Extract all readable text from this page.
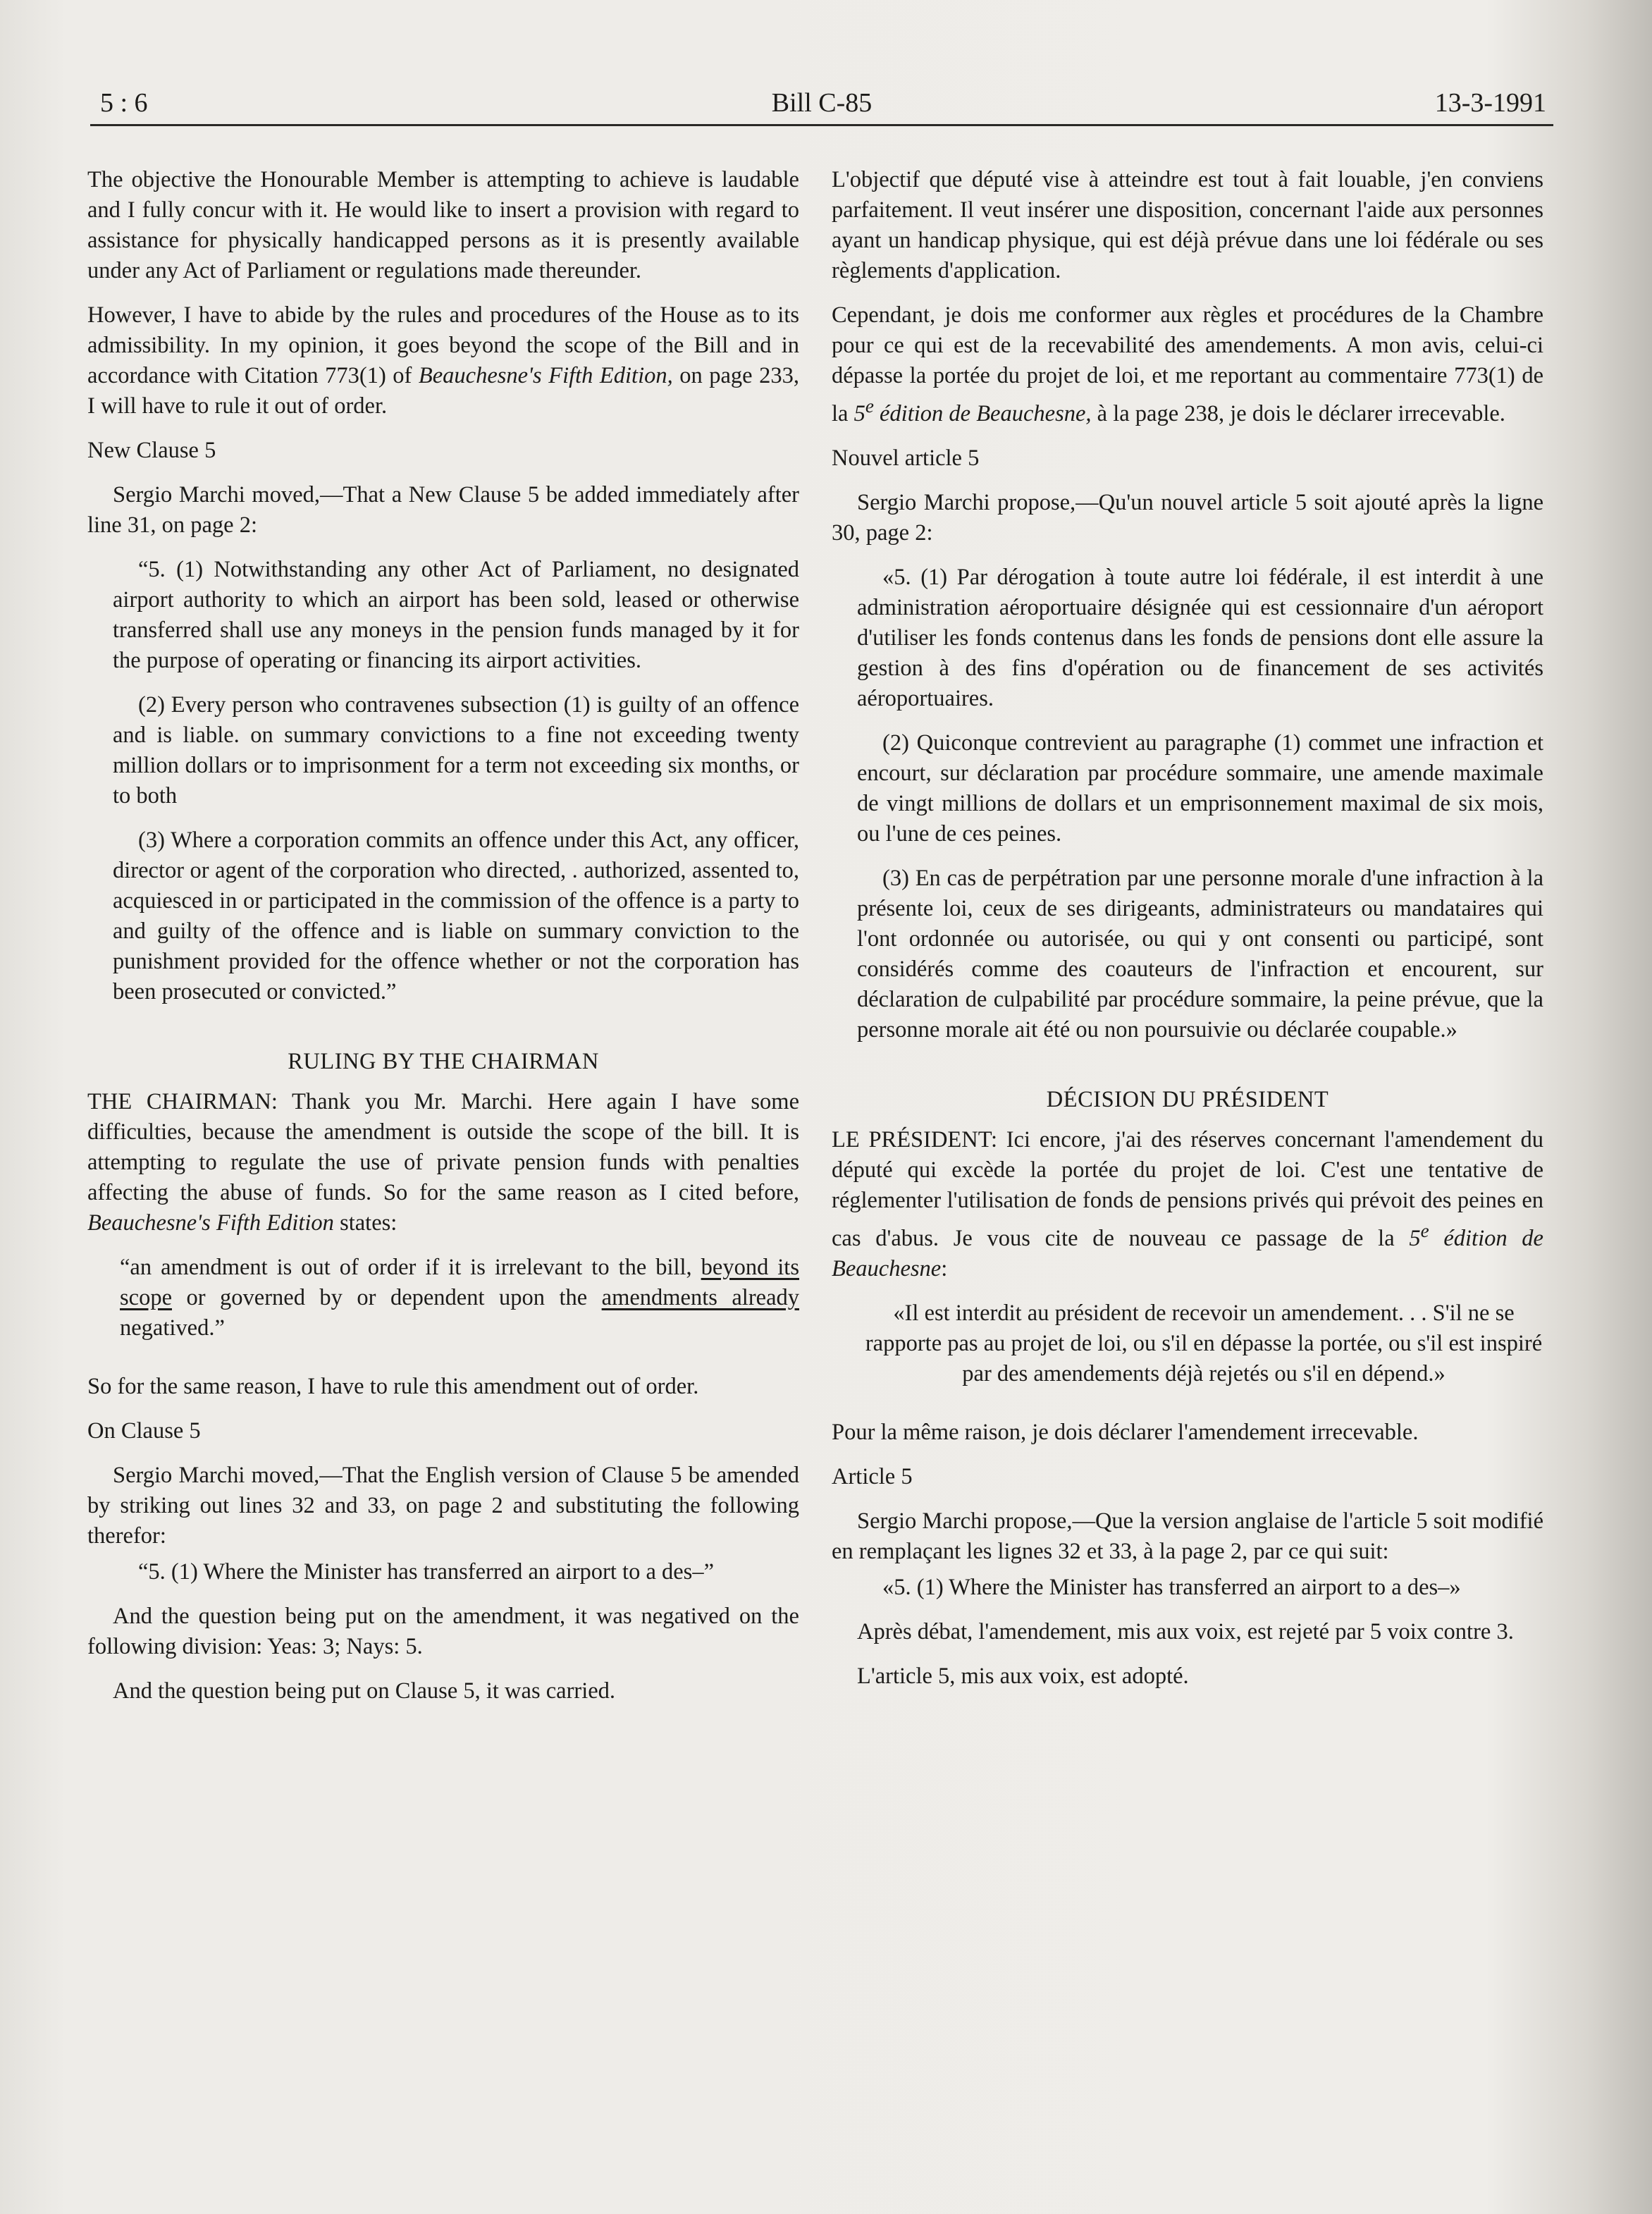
5 : 6	Bill C-85	13-3-1991

The objective the Honourable Member is attempting to achieve is laudable and I fully concur with it. He would like to insert a provision with regard to assistance for physically handicapped persons as it is presently available under any Act of Parliament or regulations made thereunder.

However, I have to abide by the rules and procedures of the House as to its admissibility. In my opinion, it goes beyond the scope of the Bill and in accordance with Citation 773(1) of Beauchesne's Fifth Edition, on page 233, I will have to rule it out of order.

New Clause 5

Sergio Marchi moved,—That a New Clause 5 be added immediately after line 31, on page 2:

“5. (1) Notwithstanding any other Act of Parliament, no designated airport authority to which an airport has been sold, leased or otherwise transferred shall use any moneys in the pension funds managed by it for the purpose of operating or financing its airport activities.

(2) Every person who contravenes subsection (1) is guilty of an offence and is liable. on summary convictions to a fine not exceeding twenty million dollars or to imprisonment for a term not exceeding six months, or to both

(3) Where a corporation commits an offence under this Act, any officer, director or agent of the corporation who directed, . authorized, assented to, acquiesced in or participated in the commission of the offence is a party to and guilty of the offence and is liable on summary conviction to the punishment provided for the offence whether or not the corporation has been prosecuted or convicted.”

RULING BY THE CHAIRMAN

THE CHAIRMAN: Thank you Mr. Marchi. Here again I have some difficulties, because the amendment is outside the scope of the bill. It is attempting to regulate the use of private pension funds with penalties affecting the abuse of funds. So for the same reason as I cited before, Beauchesne's Fifth Edition states:

“an amendment is out of order if it is irrelevant to the bill, beyond its scope or governed by or dependent upon the amendments already negatived.”

So for the same reason, I have to rule this amendment out of order.

On Clause 5

Sergio Marchi moved,—That the English version of Clause 5 be amended by striking out lines 32 and 33, on page 2 and substituting the following therefor:

“5. (1) Where the Minister has transferred an airport to a des–”

And the question being put on the amendment, it was negatived on the following division: Yeas: 3; Nays: 5.

And the question being put on Clause 5, it was carried.

L'objectif que député vise à atteindre est tout à fait louable, j'en conviens parfaitement. Il veut insérer une disposition, concernant l'aide aux personnes ayant un handicap physique, qui est déjà prévue dans une loi fédérale ou ses règlements d'application.

Cependant, je dois me conformer aux règles et procédures de la Chambre pour ce qui est de la recevabilité des amendements. A mon avis, celui-ci dépasse la portée du projet de loi, et me reportant au commentaire 773(1) de la 5e édition de Beauchesne, à la page 238, je dois le déclarer irrecevable.

Nouvel article 5

Sergio Marchi propose,—Qu'un nouvel article 5 soit ajouté après la ligne 30, page 2:

«5. (1) Par dérogation à toute autre loi fédérale, il est interdit à une administration aéroportuaire désignée qui est cessionnaire d'un aéroport d'utiliser les fonds contenus dans les fonds de pensions dont elle assure la gestion à des fins d'opération ou de financement de ses activités aéroportuaires.

(2) Quiconque contrevient au paragraphe (1) commet une infraction et encourt, sur déclaration par procédure sommaire, une amende maximale de vingt millions de dollars et un emprisonnement maximal de six mois, ou l'une de ces peines.

(3) En cas de perpétration par une personne morale d'une infraction à la présente loi, ceux de ses dirigeants, administrateurs ou mandataires qui l'ont ordonnée ou autorisée, ou qui y ont consenti ou participé, sont considérés comme des coauteurs de l'infraction et encourent, sur déclaration de culpabilité par procédure sommaire, la peine prévue, que la personne morale ait été ou non poursuivie ou déclarée coupable.»

DÉCISION DU PRÉSIDENT

LE PRÉSIDENT: Ici encore, j'ai des réserves concernant l'amendement du député qui excède la portée du projet de loi. C'est une tentative de réglementer l'utilisation de fonds de pensions privés qui prévoit des peines en cas d'abus. Je vous cite de nouveau ce passage de la 5e édition de Beauchesne:

«Il est interdit au président de recevoir un amendement. . . S'il ne se rapporte pas au projet de loi, ou s'il en dépasse la portée, ou s'il est inspiré par des amendements déjà rejetés ou s'il en dépend.»

Pour la même raison, je dois déclarer l'amendement irrecevable.

Article 5

Sergio Marchi propose,—Que la version anglaise de l'article 5 soit modifié en remplaçant les lignes 32 et 33, à la page 2, par ce qui suit:

«5. (1) Where the Minister has transferred an airport to a des–»

Après débat, l'amendement, mis aux voix, est rejeté par 5 voix contre 3.

L'article 5, mis aux voix, est adopté.
